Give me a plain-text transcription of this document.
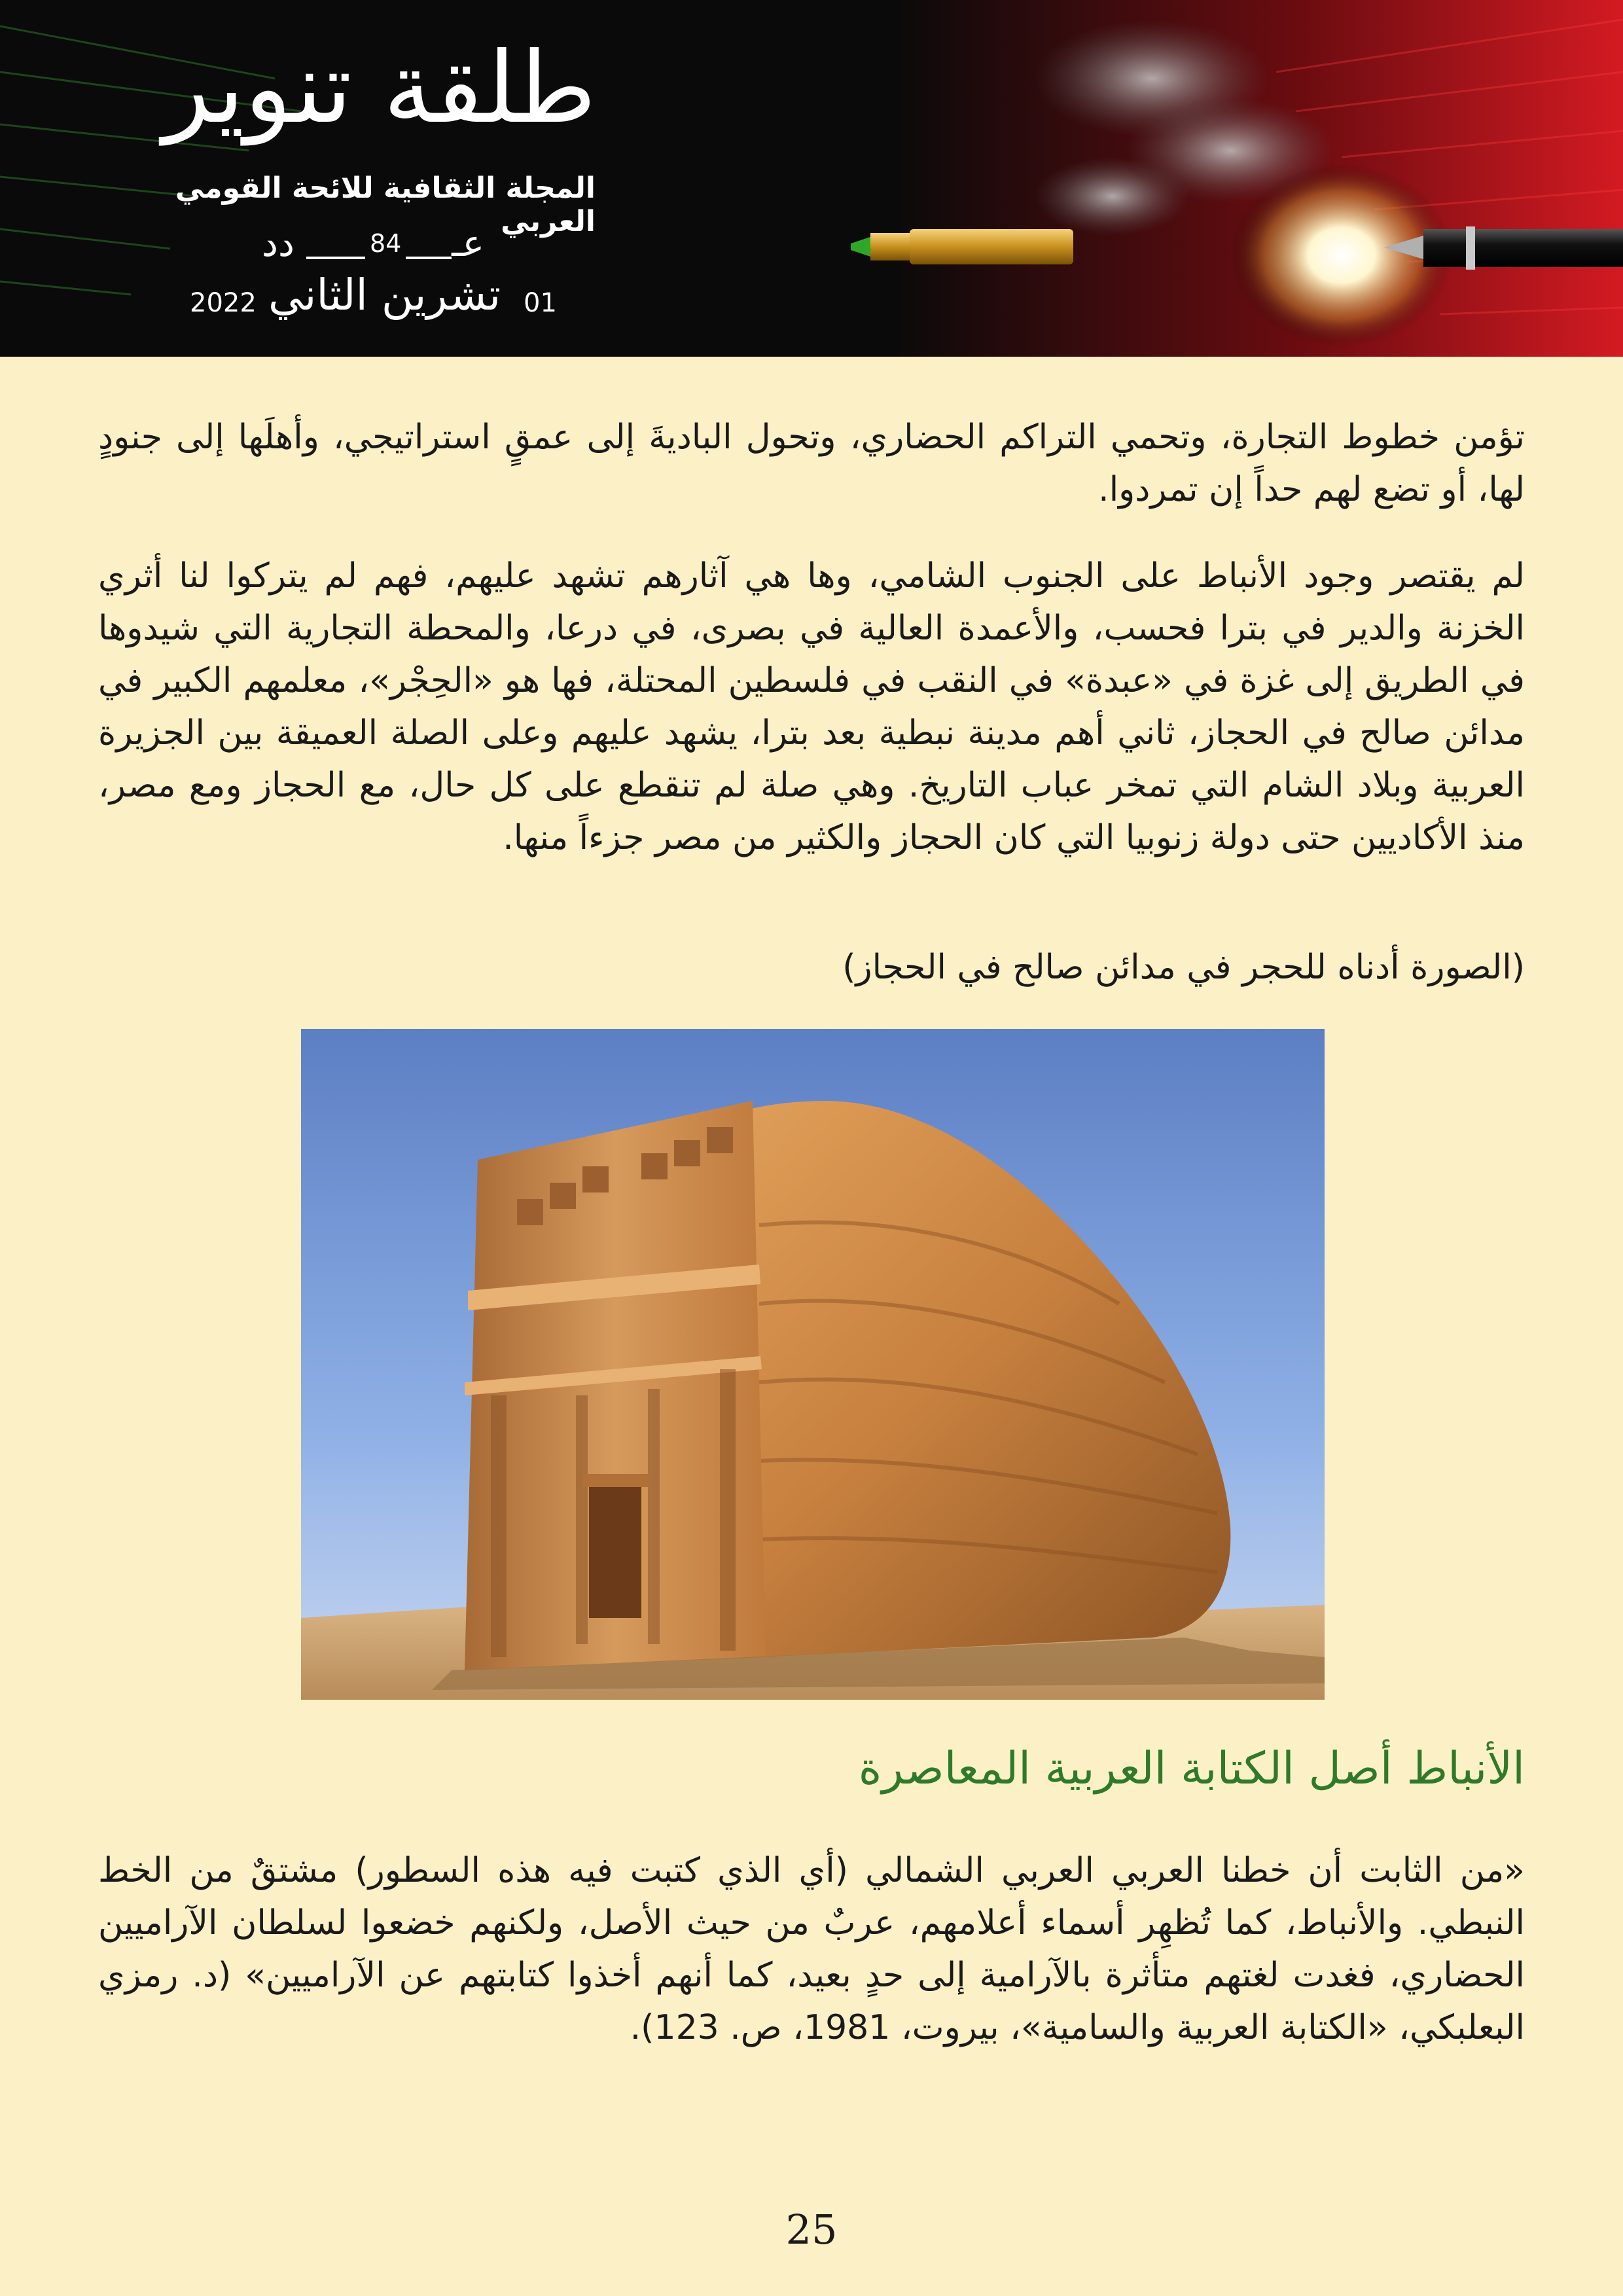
طلقة تنوير
المجلة الثقافية للائحة القومي العربي
عـ
84
دد
2022 تشرين الثاني 01
تؤمن خطوط التجارة، وتحمي التراكم الحضاري، وتحول الباديةَ إلى عمقٍ استراتيجي، وأهلَها إلى جنودٍ لها، أو تضع لهم حداً إن تمردوا.
لم يقتصر وجود الأنباط على الجنوب الشامي، وها هي آثارهم تشهد عليهم، فهم لم يتركوا لنا أثري الخزنة والدير في بترا فحسب، والأعمدة العالية في بصرى، في درعا، والمحطة التجارية التي شيدوها في الطريق إلى غزة في «عبدة» في النقب في فلسطين المحتلة، فها هو «الحِجْر»، معلمهم الكبير في مدائن صالح في الحجاز، ثاني أهم مدينة نبطية بعد بترا، يشهد عليهم وعلى الصلة العميقة بين الجزيرة العربية وبلاد الشام التي تمخر عباب التاريخ. وهي صلة لم تنقطع على كل حال، مع الحجاز ومع مصر، منذ الأكاديين حتى دولة زنوبيا التي كان الحجاز والكثير من مصر جزءاً منها.
(الصورة أدناه للحجر في مدائن صالح في الحجاز)
الأنباط أصل الكتابة العربية المعاصرة
«من الثابت أن خطنا العربي العربي الشمالي (أي الذي كتبت فيه هذه السطور) مشتقٌ من الخط النبطي. والأنباط، كما تُظهِر أسماء أعلامهم، عربٌ من حيث الأصل، ولكنهم خضعوا لسلطان الآراميين الحضاري، فغدت لغتهم متأثرة بالآرامية إلى حدٍ بعيد، كما أنهم أخذوا كتابتهم عن الآراميين» (د. رمزي البعلبكي، «الكتابة العربية والسامية»، بيروت، 1981، ص. 123).
25
